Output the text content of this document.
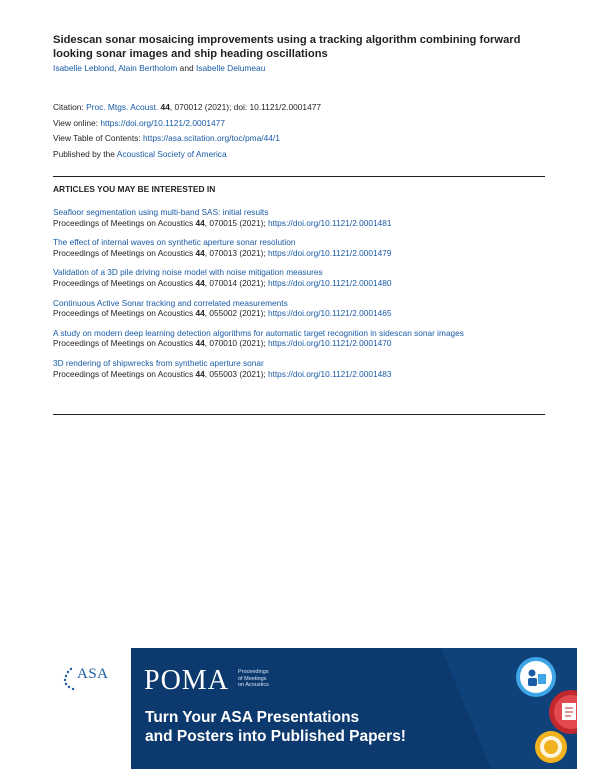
Sidescan sonar mosaicing improvements using a tracking algorithm combining forward looking sonar images and ship heading oscillations
Isabelle Leblond, Alain Bertholom and Isabelle Delumeau
Citation: Proc. Mtgs. Acoust. 44, 070012 (2021); doi: 10.1121/2.0001477
View online: https://doi.org/10.1121/2.0001477
View Table of Contents: https://asa.scitation.org/toc/pma/44/1
Published by the Acoustical Society of America
ARTICLES YOU MAY BE INTERESTED IN
Seafloor segmentation using multi-band SAS: initial results
Proceedings of Meetings on Acoustics 44, 070015 (2021); https://doi.org/10.1121/2.0001481
The effect of internal waves on synthetic aperture sonar resolution
Proceedings of Meetings on Acoustics 44, 070013 (2021); https://doi.org/10.1121/2.0001479
Validation of a 3D pile driving noise model with noise mitigation measures
Proceedings of Meetings on Acoustics 44, 070014 (2021); https://doi.org/10.1121/2.0001480
Continuous Active Sonar tracking and correlated measurements
Proceedings of Meetings on Acoustics 44, 055002 (2021); https://doi.org/10.1121/2.0001465
A study on modern deep learning detection algorithms for automatic target recognition in sidescan sonar images
Proceedings of Meetings on Acoustics 44, 070010 (2021); https://doi.org/10.1121/2.0001470
3D rendering of shipwrecks from synthetic aperture sonar
Proceedings of Meetings on Acoustics 44, 055003 (2021); https://doi.org/10.1121/2.0001483
ASA POMA Proceedings
of Meetings
on Acoustics
Turn Your ASA Presentations
and Posters into Published Papers!
